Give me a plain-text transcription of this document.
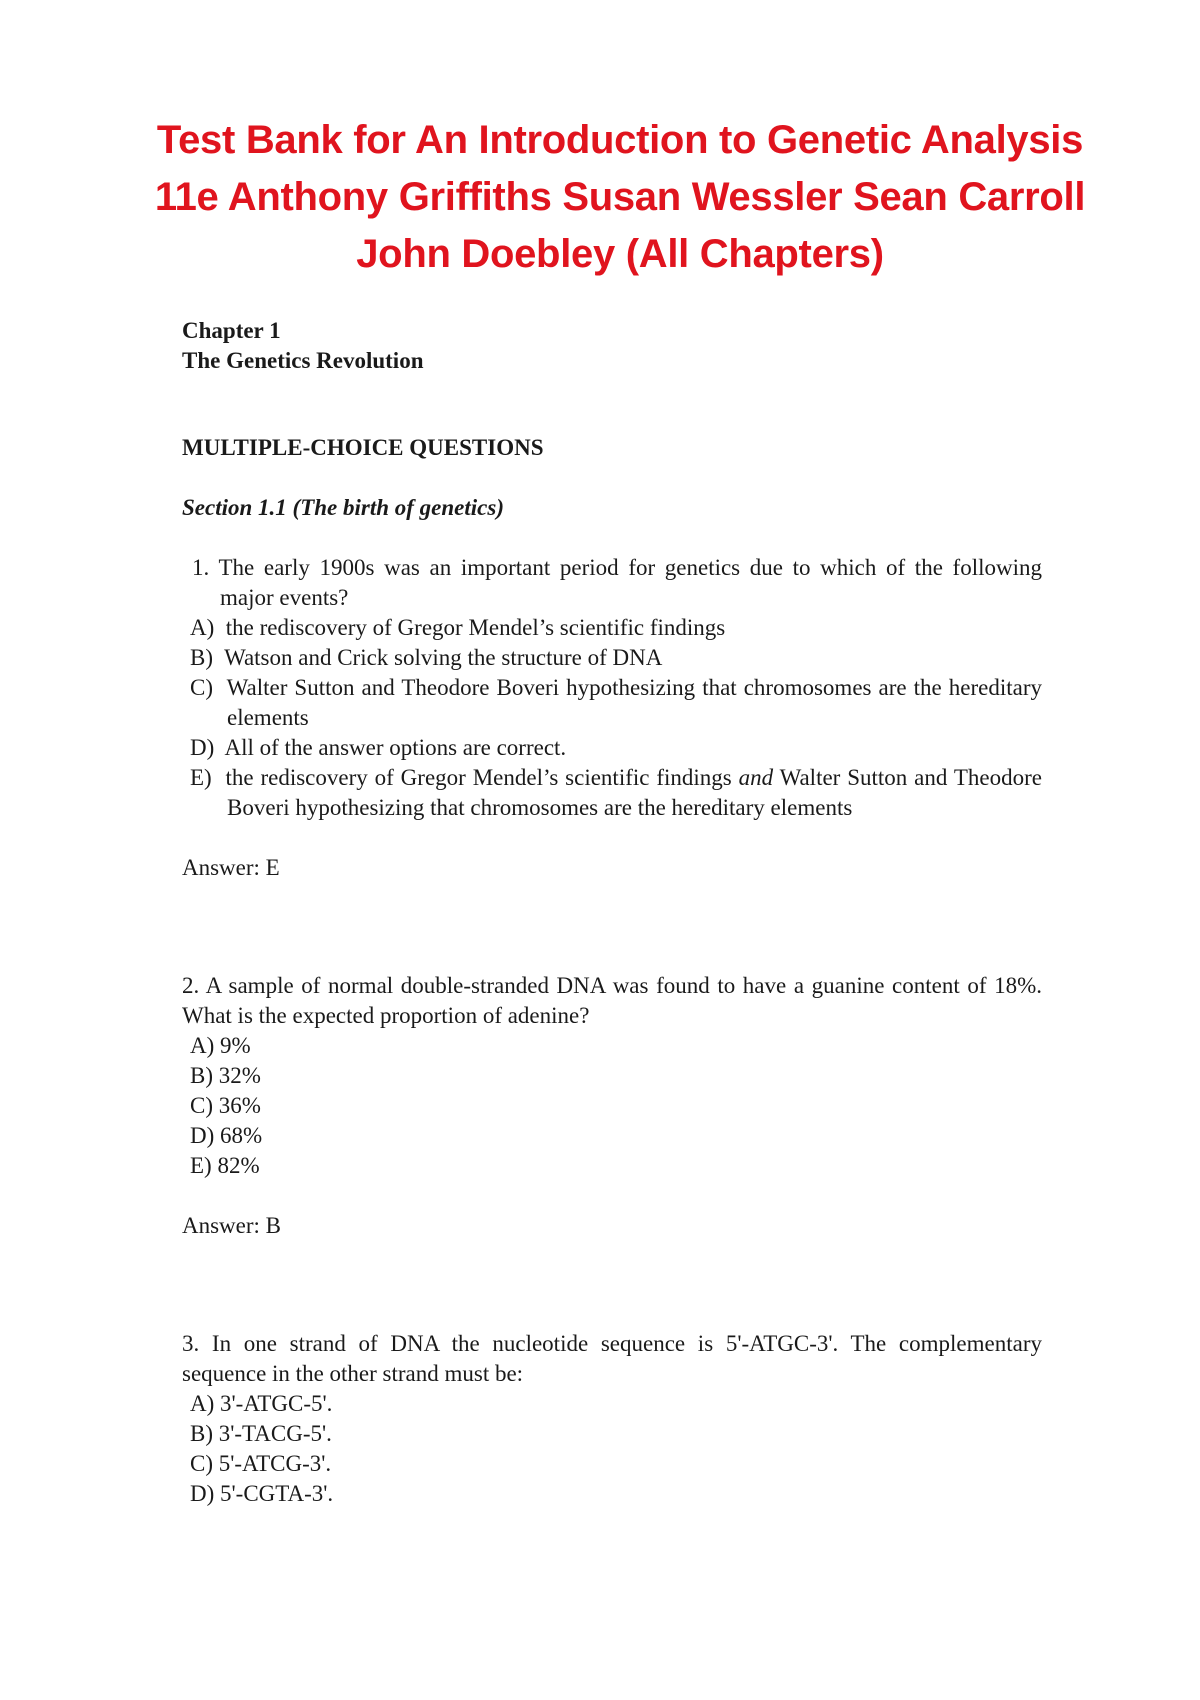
Test Bank for An Introduction to Genetic Analysis 11e Anthony Griffiths Susan Wessler Sean Carroll John Doebley (All Chapters)

Chapter 1

The Genetics Revolution

MULTIPLE-CHOICE QUESTIONS

Section 1.1 (The birth of genetics)

1. The early 1900s was an important period for genetics due to which of the following major events?

A)  the rediscovery of Gregor Mendel’s scientific findings
B)  Watson and Crick solving the structure of DNA
C)  Walter Sutton and Theodore Boveri hypothesizing that chromosomes are the hereditary elements
D)  All of the answer options are correct.
E)  the rediscovery of Gregor Mendel’s scientific findings and Walter Sutton and Theodore Boveri hypothesizing that chromosomes are the hereditary elements

Answer: E

2. A sample of normal double-stranded DNA was found to have a guanine content of 18%. What is the expected proportion of adenine?

A) 9%
B) 32%
C) 36%
D) 68%
E) 82%

Answer: B

3. In one strand of DNA the nucleotide sequence is 5'-ATGC-3'. The complementary sequence in the other strand must be:

A) 3'-ATGC-5'.
B) 3'-TACG-5'.
C) 5'-ATCG-3'.
D) 5'-CGTA-3'.
